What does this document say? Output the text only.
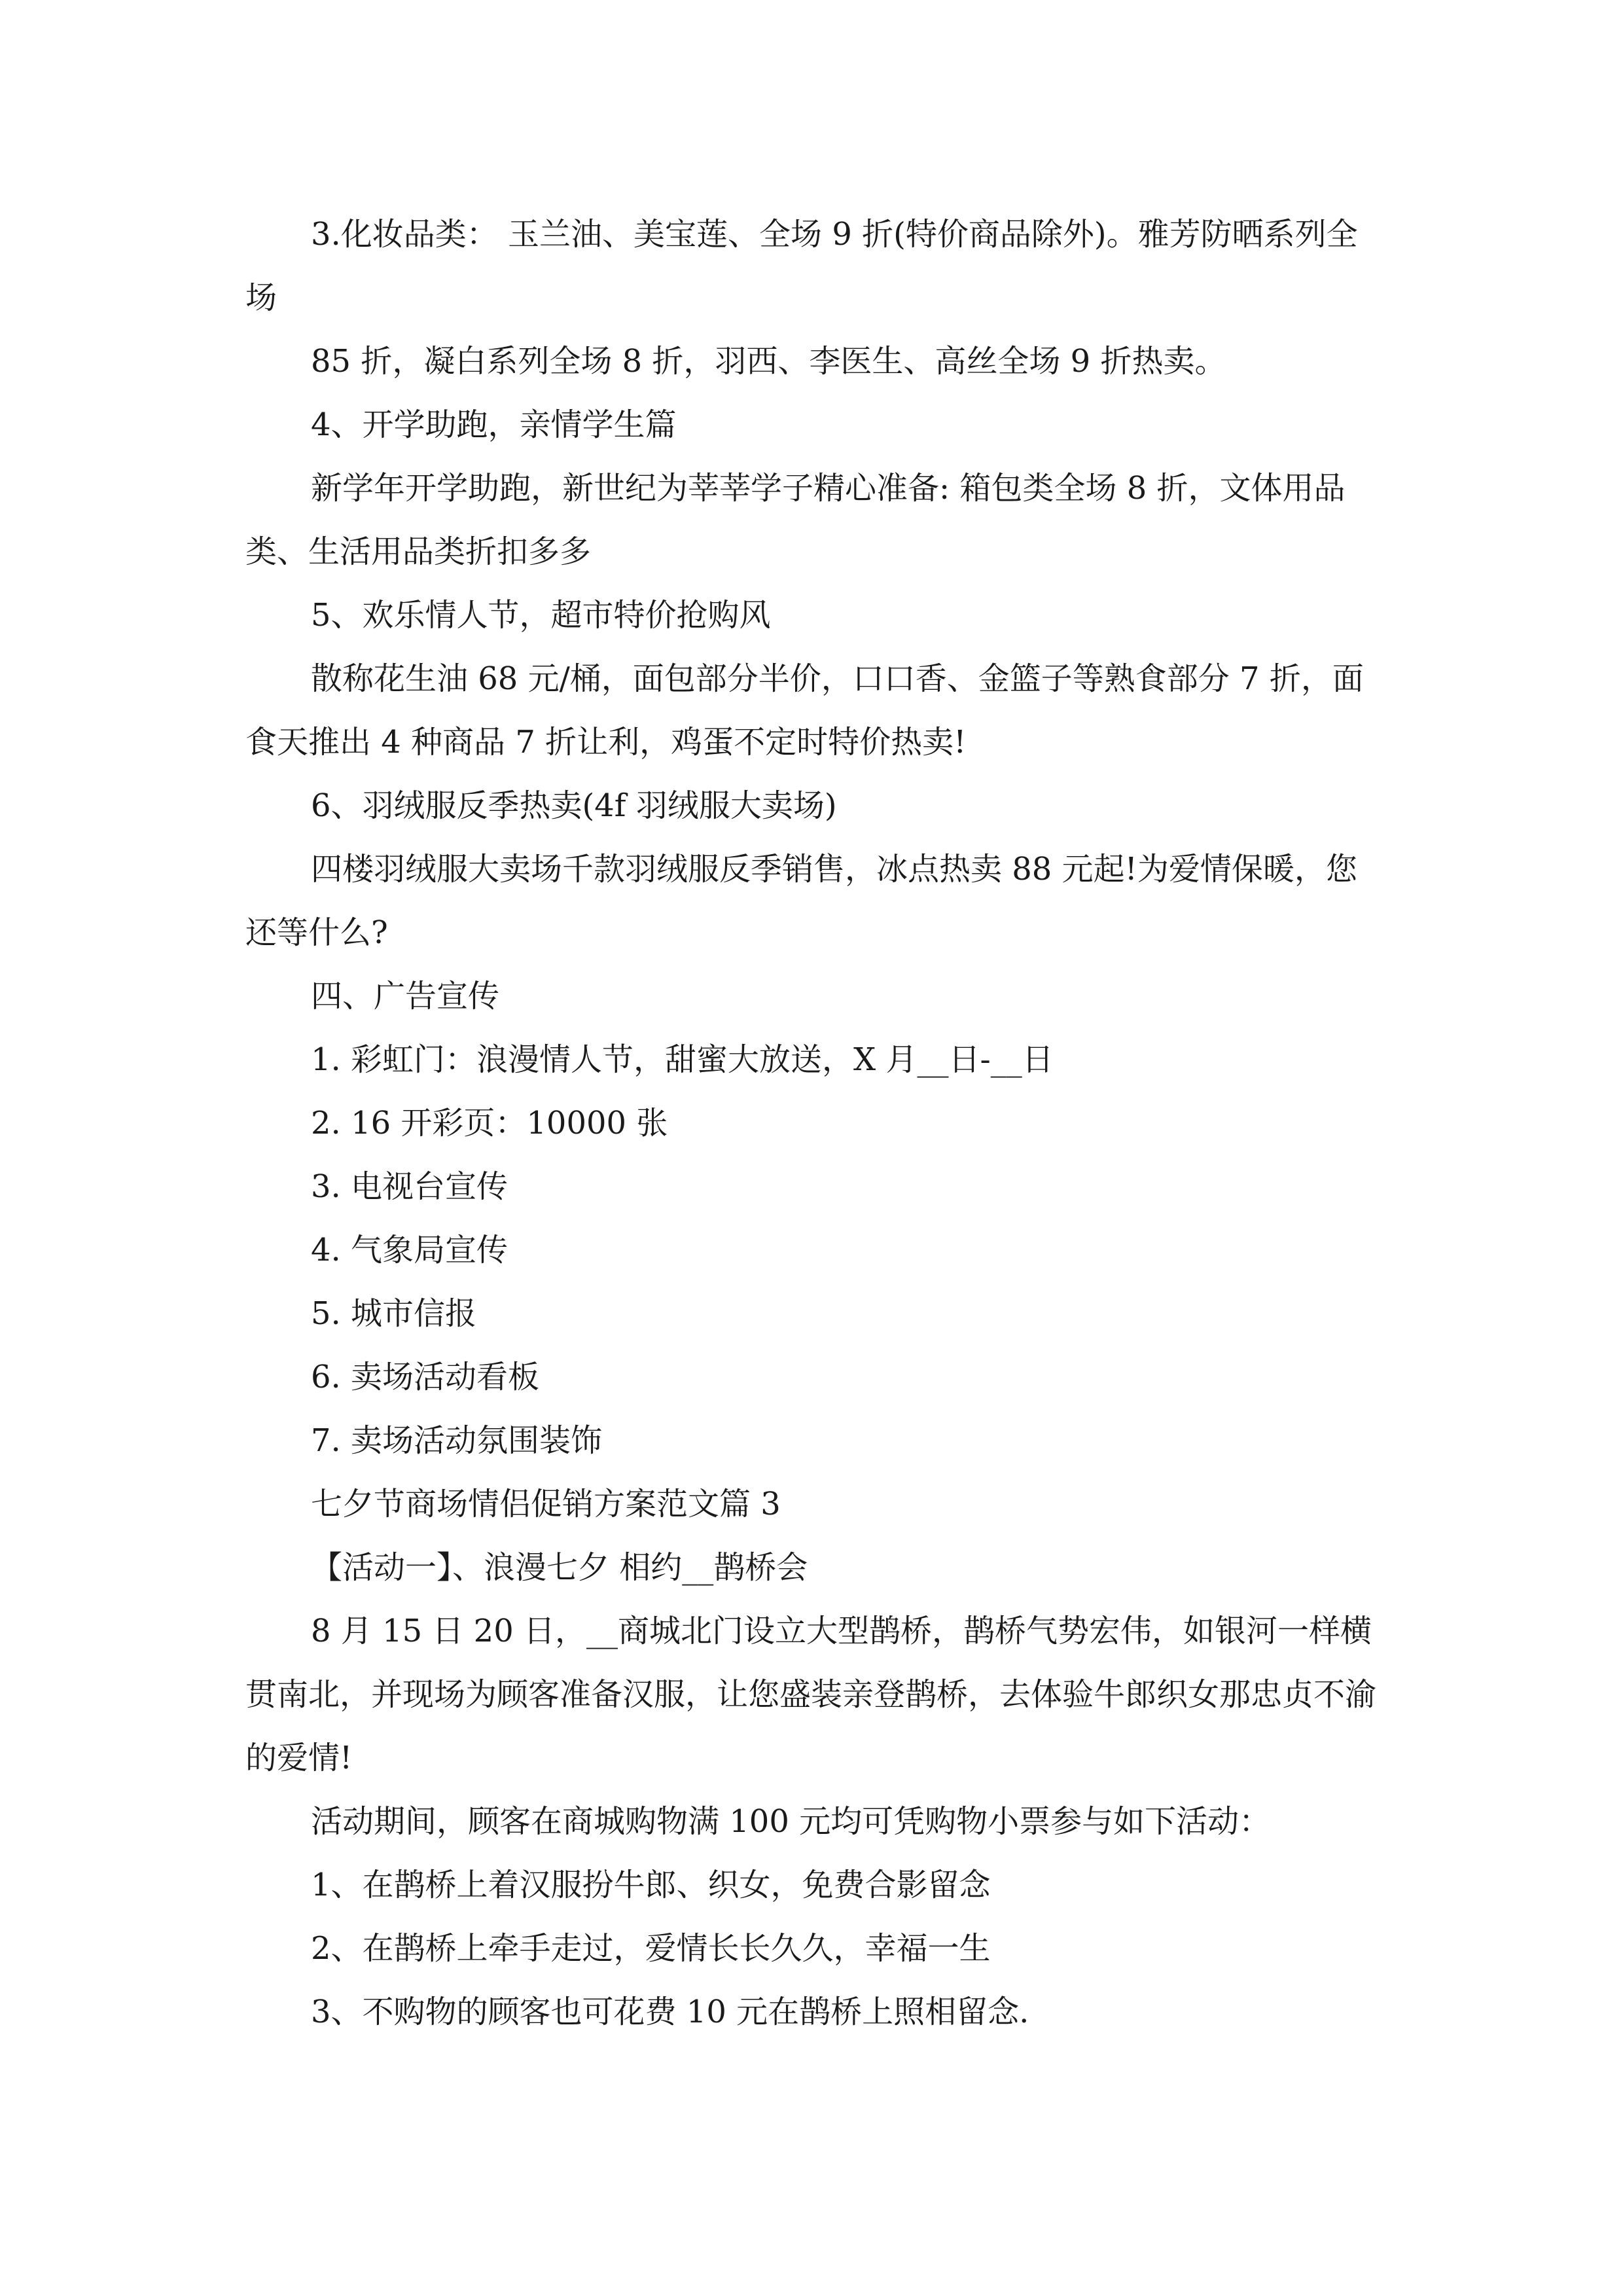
3.化妆品类： 玉兰油、美宝莲、全场 9 折(特价商品除外)。雅芳防晒系列全场

85 折，凝白系列全场 8 折，羽西、李医生、高丝全场 9 折热卖。

4、开学助跑，亲情学生篇

新学年开学助跑，新世纪为莘莘学子精心准备: 箱包类全场 8 折，文体用品类、生活用品类折扣多多

5、欢乐情人节，超市特价抢购风

散称花生油 68 元/桶，面包部分半价，口口香、金篮子等熟食部分 7 折，面食天推出 4 种商品 7 折让利，鸡蛋不定时特价热卖!

6、羽绒服反季热卖(4f 羽绒服大卖场)

四楼羽绒服大卖场千款羽绒服反季销售，冰点热卖 88 元起!为爱情保暖，您还等什么?

四、广告宣传

1. 彩虹门：浪漫情人节，甜蜜大放送，X 月__日-__日

2. 16 开彩页：10000 张

3. 电视台宣传

4. 气象局宣传

5. 城市信报

6. 卖场活动看板

7. 卖场活动氛围装饰

七夕节商场情侣促销方案范文篇 3

【活动一】、浪漫七夕 相约__鹊桥会

8 月 15 日 20 日，__商城北门设立大型鹊桥，鹊桥气势宏伟，如银河一样横贯南北，并现场为顾客准备汉服，让您盛装亲登鹊桥，去体验牛郎织女那忠贞不渝的爱情!

活动期间，顾客在商城购物满 100 元均可凭购物小票参与如下活动：

1、在鹊桥上着汉服扮牛郎、织女，免费合影留念

2、在鹊桥上牵手走过，爱情长长久久，幸福一生

3、不购物的顾客也可花费 10 元在鹊桥上照相留念.
